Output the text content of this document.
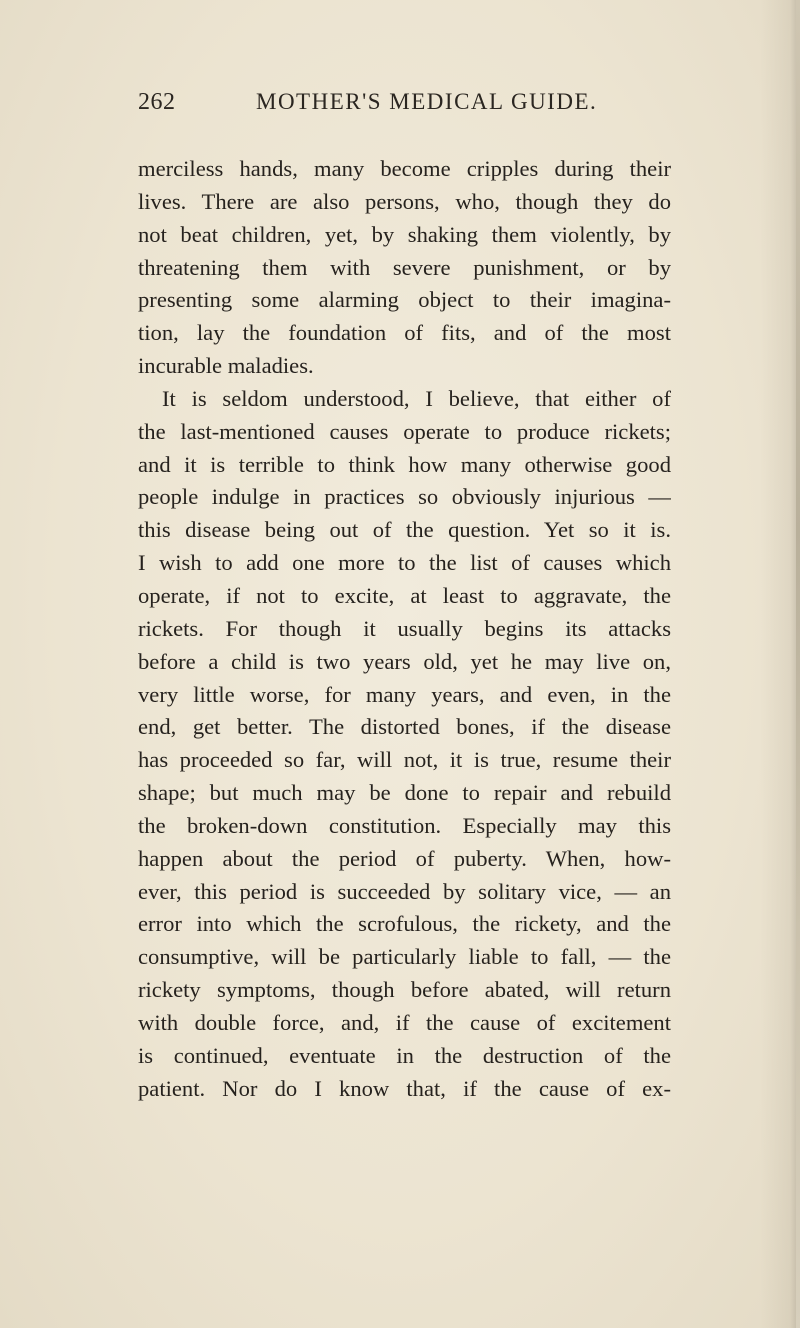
262	MOTHER'S MEDICAL GUIDE.
merciless hands, many become cripples during their
lives. There are also persons, who, though they do
not beat children, yet, by shaking them violently, by
threatening them with severe punishment, or by
presenting some alarming object to their imagina-
tion, lay the foundation of fits, and of the most
incurable maladies.
It is seldom understood, I believe, that either of
the last-mentioned causes operate to produce rickets;
and it is terrible to think how many otherwise good
people indulge in practices so obviously injurious —
this disease being out of the question. Yet so it is.
I wish to add one more to the list of causes which
operate, if not to excite, at least to aggravate, the
rickets. For though it usually begins its attacks
before a child is two years old, yet he may live on,
very little worse, for many years, and even, in the
end, get better. The distorted bones, if the disease
has proceeded so far, will not, it is true, resume their
shape; but much may be done to repair and rebuild
the broken-down constitution. Especially may this
happen about the period of puberty. When, how-
ever, this period is succeeded by solitary vice, — an
error into which the scrofulous, the rickety, and the
consumptive, will be particularly liable to fall, — the
rickety symptoms, though before abated, will return
with double force, and, if the cause of excitement
is continued, eventuate in the destruction of the
patient. Nor do I know that, if the cause of ex-
